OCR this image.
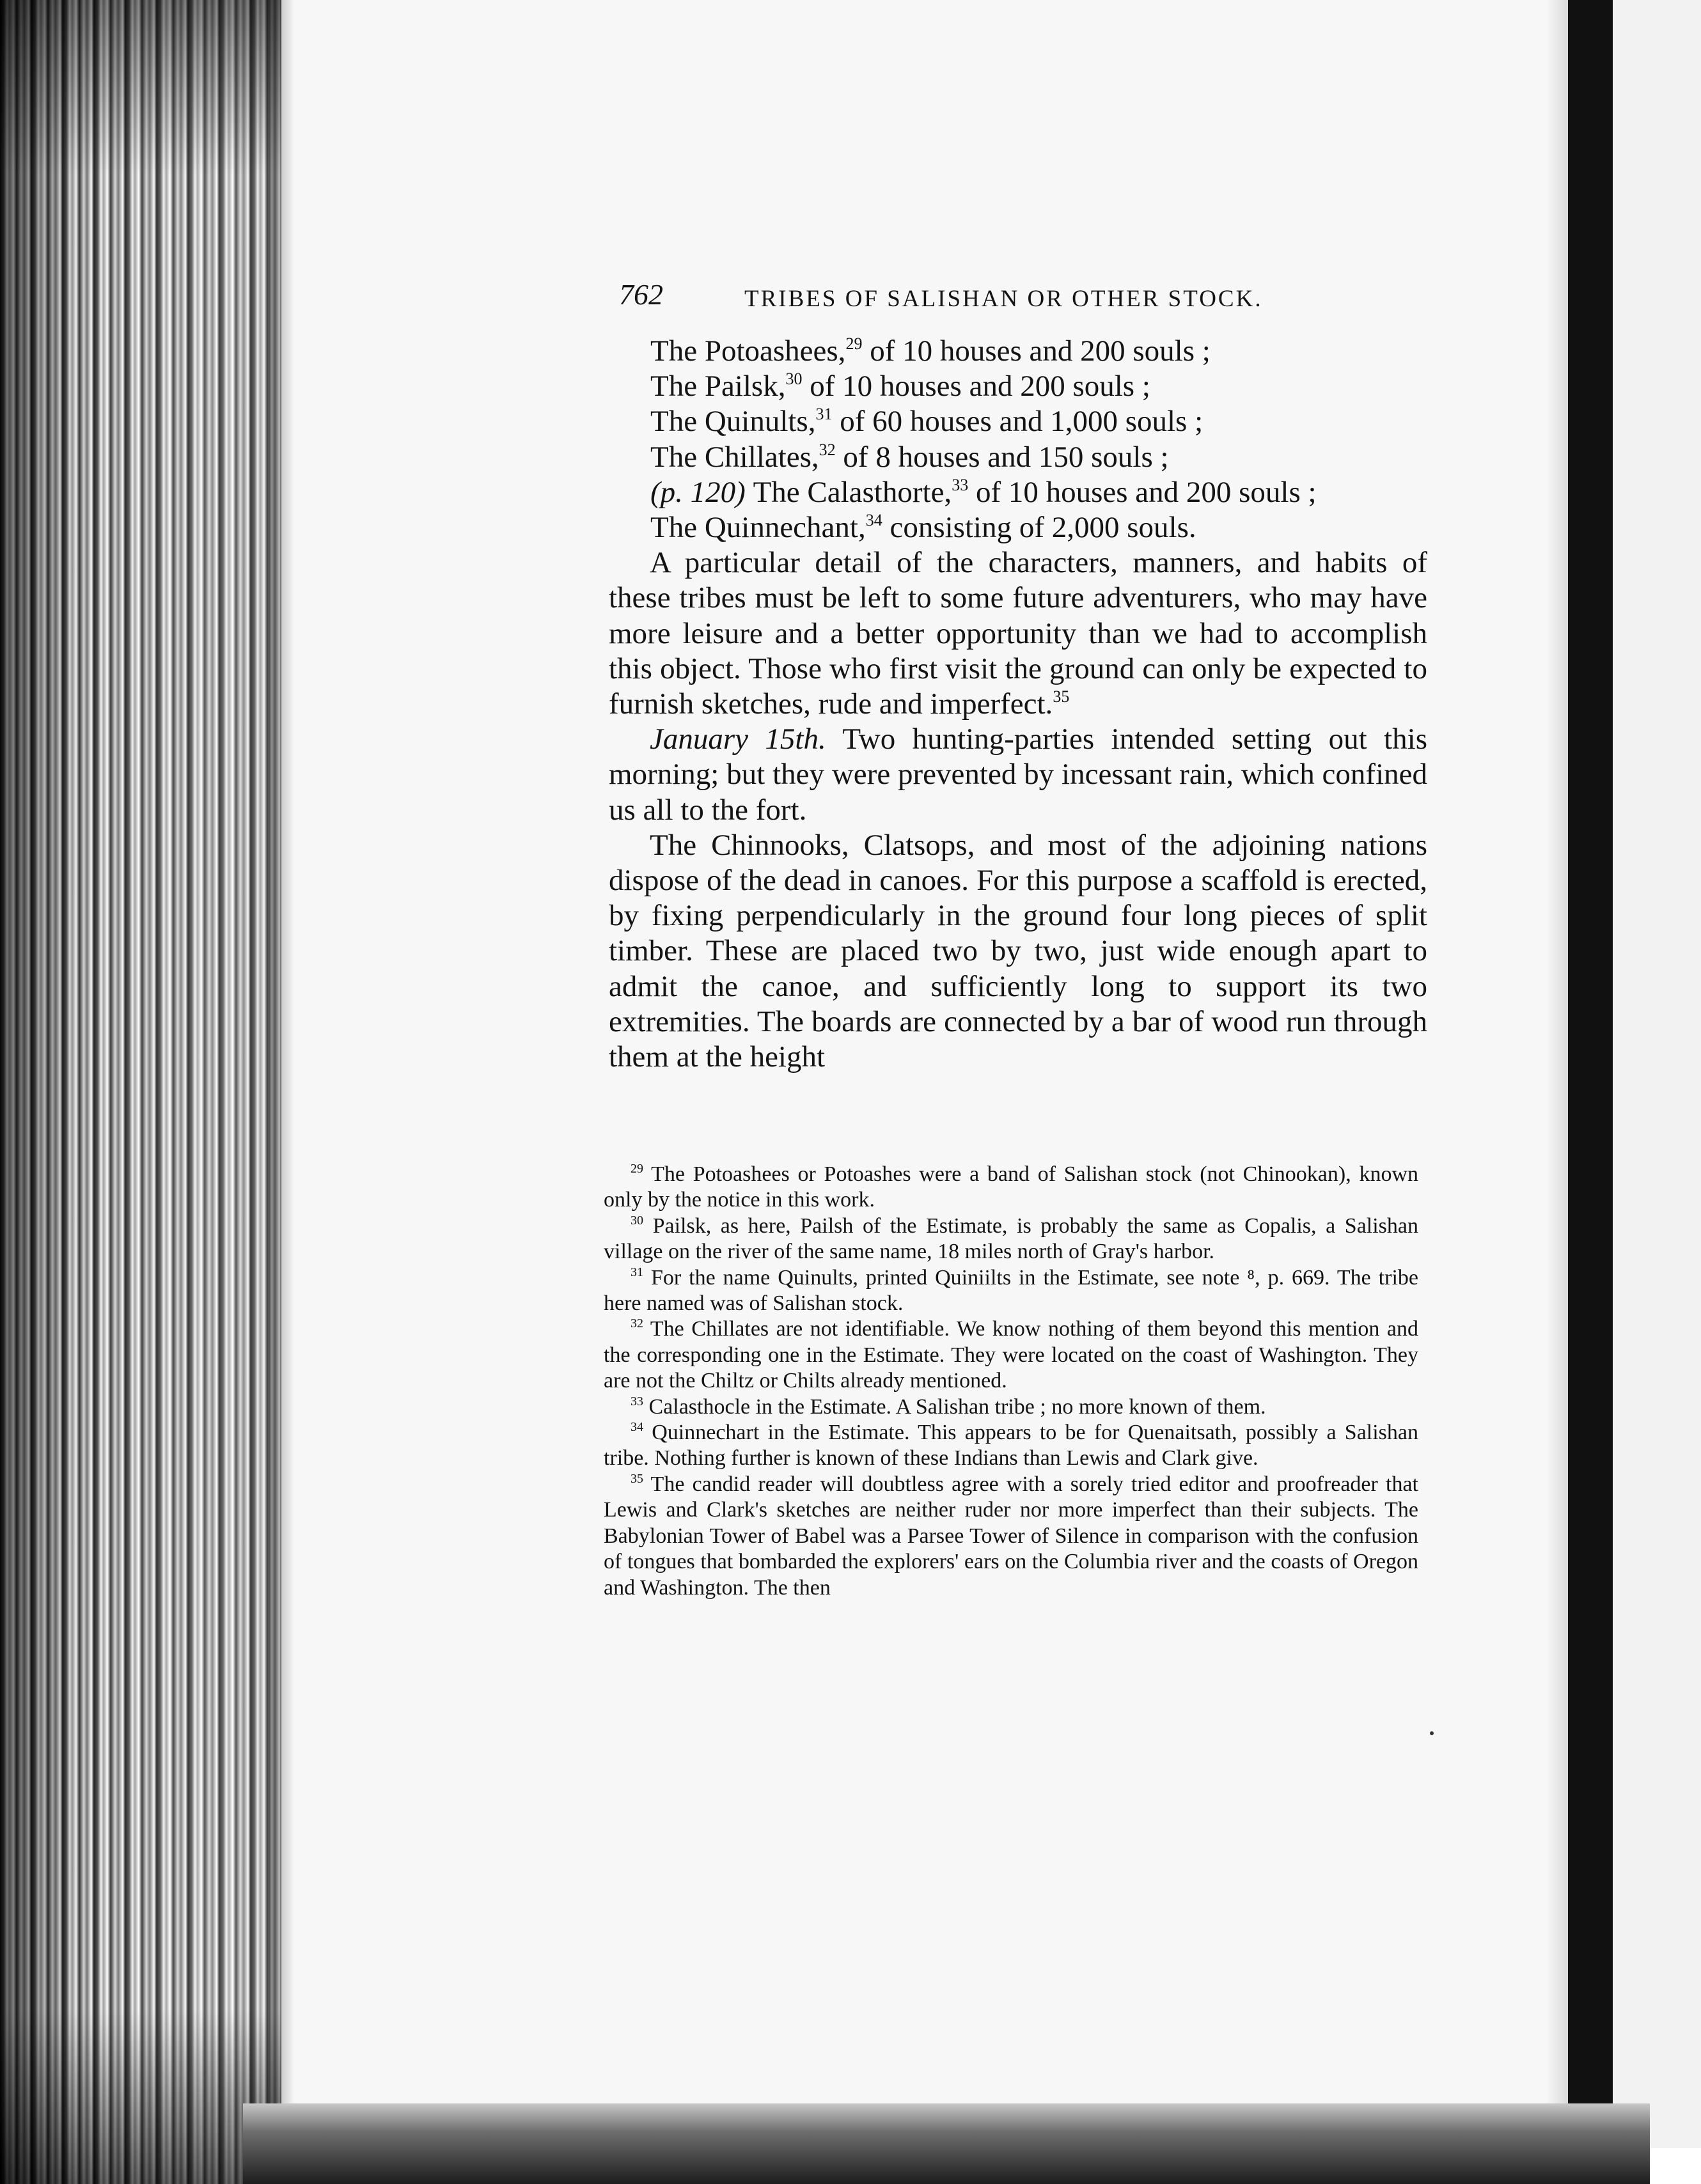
762	TRIBES OF SALISHAN OR OTHER STOCK.

The Potoashees,$^{29}$ of 10 houses and 200 souls ;

The Pailsk,$^{30}$ of 10 houses and 200 souls ;

The Quinults,$^{31}$ of 60 houses and 1,000 souls ;

The Chillates,$^{32}$ of 8 houses and 150 souls ;

(p. 120) The Calasthorte,$^{33}$ of 10 houses and 200 souls ;

The Quinnechant,$^{34}$ consisting of 2,000 souls.

A particular detail of the characters, manners, and habits of these tribes must be left to some future adventurers, who may have more leisure and a better opportunity than we had to accomplish this object. Those who first visit the ground can only be expected to furnish sketches, rude and imperfect.$^{35}$

January 15th. Two hunting-parties intended setting out this morning; but they were prevented by incessant rain, which confined us all to the fort.

The Chinnooks, Clatsops, and most of the adjoining nations dispose of the dead in canoes. For this purpose a scaffold is erected, by fixing perpendicularly in the ground four long pieces of split timber. These are placed two by two, just wide enough apart to admit the canoe, and sufficiently long to support its two extremities. The boards are connected by a bar of wood run through them at the height

$^{29}$ The Potoashees or Potoashes were a band of Salishan stock (not Chinookan), known only by the notice in this work.

$^{30}$ Pailsk, as here, Pailsh of the Estimate, is probably the same as Copalis, a Salishan village on the river of the same name, 18 miles north of Gray's harbor.

$^{31}$ For the name Quinults, printed Quiniilts in the Estimate, see note ⁸, p. 669. The tribe here named was of Salishan stock.

$^{32}$ The Chillates are not identifiable. We know nothing of them beyond this mention and the corresponding one in the Estimate. They were located on the coast of Washington. They are not the Chiltz or Chilts already mentioned.

$^{33}$ Calasthocle in the Estimate. A Salishan tribe ; no more known of them.

$^{34}$ Quinnechart in the Estimate. This appears to be for Quenaitsath, possibly a Salishan tribe. Nothing further is known of these Indians than Lewis and Clark give.

$^{35}$ The candid reader will doubtless agree with a sorely tried editor and proofreader that Lewis and Clark's sketches are neither ruder nor more imperfect than their subjects. The Babylonian Tower of Babel was a Parsee Tower of Silence in comparison with the confusion of tongues that bombarded the explorers' ears on the Columbia river and the coasts of Oregon and Washington. The then
